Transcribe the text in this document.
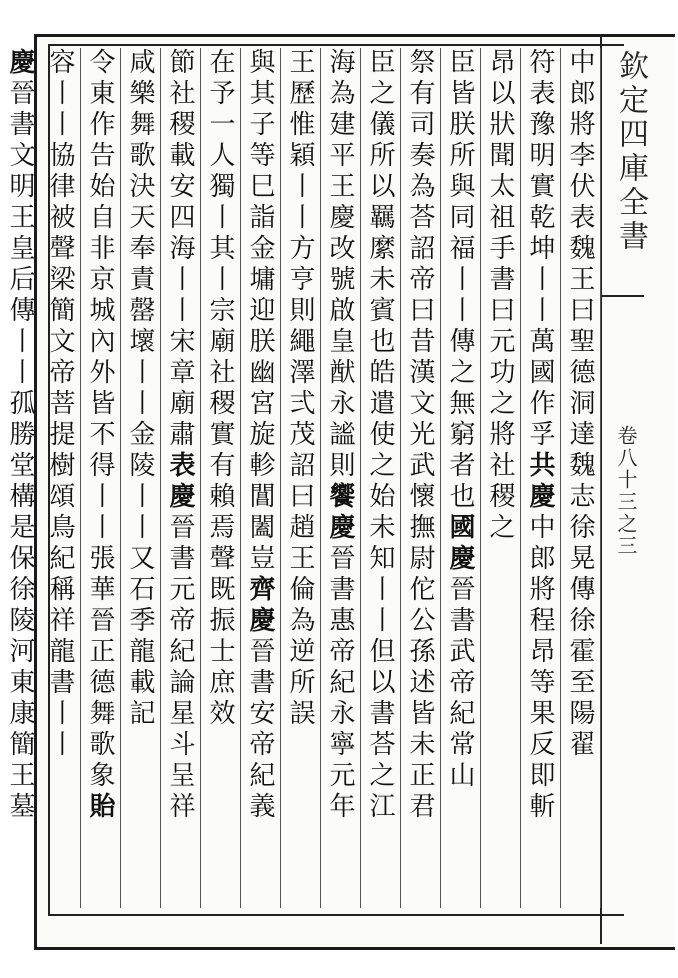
欽定四庫全書
卷八十三之三
中郎將李伏表魏王曰聖德洞達
魏志徐晃傳徐霍至陽翟
符表豫明實乾坤丨丨萬國作孚
共慶
中郎將程昂等果反即斬
昂以狀聞太祖手書曰元功之將社稷之
臣皆朕所與同福丨丨傳之無窮者也
國慶
晉書武帝紀常山
祭有司奏為荅詔帝曰昔漢文光武懷撫尉佗公孫述皆未正君
臣之儀所以羈縻未賓也皓遣使之始未知丨丨但以書荅之江
海為建平王慶改號啟皇猷永謐則
饗慶
晉書惠帝紀永寧元年
王歷惟穎丨丨方亨則繩澤弍茂
詔曰趙王倫為逆所誤
與其子等巳詣金墉迎朕幽宮旋軫閶闔豈
齊慶
晉書安帝紀義
在予一人獨丨其丨宗廟社稷實有賴焉
聲既振士庶效
節社稷載安四海丨丨宋章廟肅
表慶
晉書元帝紀論星斗呈祥
咸樂舞歌決天奉責罄壞丨丨
金陵丨丨又石季龍載記
令東作告始自非京城內外皆不得丨丨張華晉正德舞歌象
貽
容丨丨協律被聲梁簡文帝菩提樹頌鳥紀稱祥龍書丨丨
慶
晉書文明王皇后傳丨丨孤勝堂構是保徐陵河東康簡王墓
